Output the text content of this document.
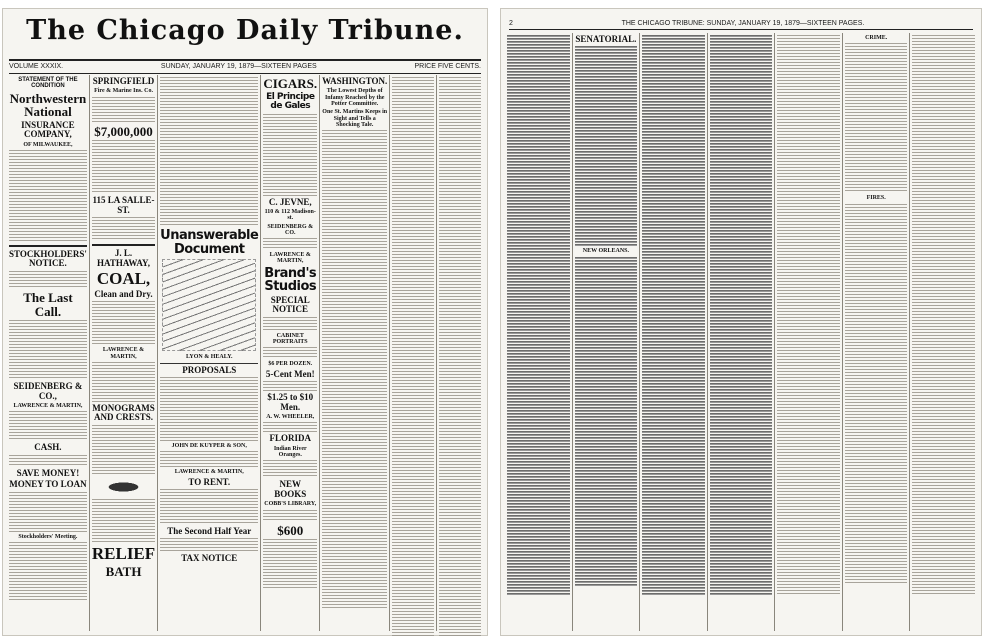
The Chicago Daily Tribune.
VOLUME XXXIX.	SUNDAY, JANUARY 19, 1879—SIXTEEN PAGES	PRICE FIVE CENTS.
STATEMENT OF THE CONDITION
Northwestern National
INSURANCE COMPANY,
OF MILWAUKEE,
STOCKHOLDERS' NOTICE.
The Last Call.
SEIDENBERG & CO.,
LAWRENCE & MARTIN,
CASH.
SAVE MONEY!
MONEY TO LOAN
Stockholders' Meeting.
SPRINGFIELD
Fire & Marine Ins. Co.
$7,000,000
115 LA SALLE-ST.
J. L. HATHAWAY,
COAL,
Clean and Dry.
LAWRENCE & MARTIN,
MONOGRAMS AND CRESTS.
RELIEF
BATH
Unanswerable Document
LYON & HEALY.
PROPOSALS
JOHN DE KUYPER & SON,
LAWRENCE & MARTIN,
TO RENT.
The Second Half Year
TAX NOTICE
CIGARS.
El Principe de Gales
C. JEVNE,
110 & 112 Madison-st.
SEIDENBERG & CO.
LAWRENCE & MARTIN,
Brand's Studios
SPECIAL NOTICE
CABINET PORTRAITS
$6 PER DOZEN.
5-Cent Men!
$1.25 to $10 Men.
A. W. WHEELER,
FLORIDA
Indian River Oranges.
NEW BOOKS
COBB'S LIBRARY,
$600
WASHINGTON.
The Lowest Depths of Infamy Reached by the Potter Committee.
One St. Martins Keeps in Sight and Tells a Shocking Tale.
2	THE CHICAGO TRIBUNE: SUNDAY, JANUARY 19, 1879—SIXTEEN PAGES.
SENATORIAL.
NEW ORLEANS.
CRIME.
FIRES.
